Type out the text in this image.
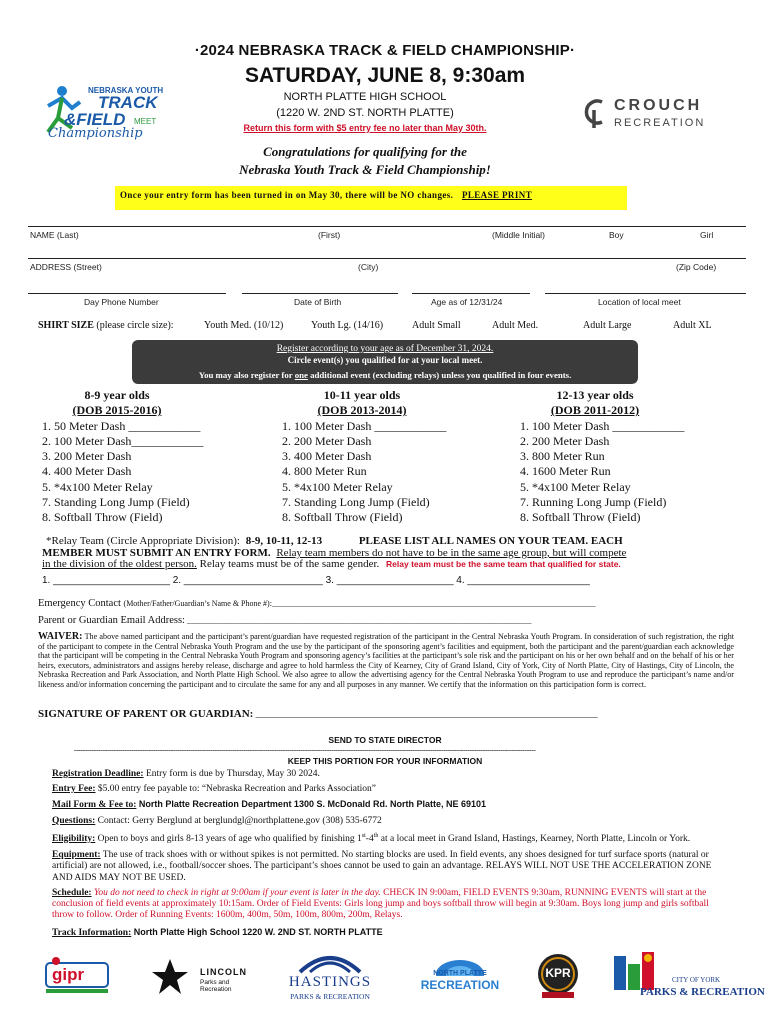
·2024 NEBRASKA TRACK & FIELD CHAMPIONSHIP·
SATURDAY, JUNE 8, 9:30am
NORTH PLATTE HIGH SCHOOL
(1220 W. 2ND ST. NORTH PLATTE)
Return this form with $5 entry fee no later than May 30th.
NEBRASKA YOUTH
TRACK
&FIELD MEET
Championship
CROUCH
RECREATION
Congratulations for qualifying for the
Nebraska Youth Track & Field Championship!
Once your entry form has been turned in on May 30, there will be NO changes. PLEASE PRINT
NAME (Last)	(First)	(Middle Initial)	Boy	Girl
ADDRESS (Street)	(City)	(Zip Code)
Day Phone Number	Date of Birth	Age as of 12/31/24	Location of local meet
SHIRT SIZE (please circle size):	Youth Med. (10/12)	Youth Lg. (14/16)	Adult Small	Adult Med.	Adult Large	Adult XL
Register according to your age as of December 31, 2024.
Circle event(s) you qualified for at your local meet.
You may also register for one additional event (excluding relays) unless you qualified in four events.
8-9 year olds
(DOB 2015-2016)
1. 50 Meter Dash ____________
2. 100 Meter Dash____________
3. 200 Meter Dash
4. 400 Meter Dash
5. *4x100 Meter Relay
7. Standing Long Jump (Field)
8. Softball Throw (Field)
10-11 year olds
(DOB 2013-2014)
1. 100 Meter Dash ____________
2. 200 Meter Dash
3. 400 Meter Dash
4. 800 Meter Run
5. *4x100 Meter Relay
7. Standing Long Jump (Field)
8. Softball Throw (Field)
12-13 year olds
(DOB 2011-2012)
1. 100 Meter Dash ____________
2. 200 Meter Dash
3. 800 Meter Run
4. 1600 Meter Run
5. *4x100 Meter Relay
7. Running Long Jump (Field)
8. Softball Throw (Field)
*Relay Team (Circle Appropriate Division): 8-9, 10-11, 12-13	PLEASE LIST ALL NAMES ON YOUR TEAM. EACH
MEMBER MUST SUBMIT AN ENTRY FORM. Relay team members do not have to be in the same age group, but will compete
in the division of the oldest person. Relay teams must be of the same gender. Relay team must be the same team that qualified for state.
1. _____________________ 2. _________________________ 3. _____________________ 4. ______________________
Emergency Contact (Mother/Father/Guardian’s Name & Phone #):______________________________________________________________________________
Parent or Guardian Email Address: ___________________________________________________________________________________
WAIVER: The above named participant and the participant’s parent/guardian have requested registration of the participant in the Central Nebraska Youth Program. In consideration of such registration, the right of the participant to compete in the Central Nebraska Youth Program and the use by the participant of the sponsoring agent’s facilities and equipment, both the participant and the parent/guardian each acknowledge that the participant will be competing in the Central Nebraska Youth Program and sponsoring agency’s facilities at the participant’s sole risk and the participant on his or her own behalf and on the behalf of his or her heirs, executors, administrators and assigns hereby release, discharge and agree to hold harmless the City of Kearney, City of Grand Island, City of York, City of North Platte, City of Hastings, City of Lincoln, the Nebraska Recreation and Park Association, and North Platte High School. We also agree to allow the advertising agency for the Central Nebraska Youth Program to use and reproduce the participant’s name and/or likeness and/or information concerning the participant and to circulate the same for any and all purposes in any manner. We certify that the information on this participation form is correct.
SIGNATURE OF PARENT OR GUARDIAN: ____________________________________________________________________________
SEND TO STATE DIRECTOR
------------------------------------------------------------------------------------------------------------------------------------------------------------------------------------------------------------------
KEEP THIS PORTION FOR YOUR INFORMATION

Registration Deadline: Entry form is due by Thursday, May 30 2024.

Entry Fee: $5.00 entry fee payable to: “Nebraska Recreation and Parks Association”

Mail Form & Fee to: North Platte Recreation Department 1300 S. McDonald Rd. North Platte, NE 69101

Questions: Contact: Gerry Berglund at berglundgl@northplattene.gov (308) 535-6772

Eligibility: Open to boys and girls 8-13 years of age who qualified by finishing 1st-4th at a local meet in Grand Island, Hastings, Kearney, North Platte, Lincoln or York.

Equipment: The use of track shoes with or without spikes is not permitted. No starting blocks are used. In field events, any shoes designed for turf surface sports (natural or artificial) are not allowed, i.e., football/soccer shoes. The participant’s shoes cannot be used to gain an advantage. RELAYS WILL NOT USE THE ACCELERATION ZONE AND AIDS MAY NOT BE USED.

Schedule: You do not need to check in right at 9:00am if your event is later in the day. CHECK IN 9:00am, FIELD EVENTS 9:30am, RUNNING EVENTS will start at the conclusion of field events at approximately 10:15am. Order of Field Events: Girls long jump and boys softball throw will begin at 9:30am. Boys long jump and girls softball throw to follow. Order of Running Events: 1600m, 400m, 50m, 100m, 800m, 200m, Relays.

Track Information: North Platte High School 1220 W. 2ND ST. NORTH PLATTE

gipr	LINCOLN
Parks and Recreation	HASTINGS
PARKS & RECREATION
NORTH PLATTE
RECREATION
KPR	CITY OF YORK
PARKS & RECREATION
